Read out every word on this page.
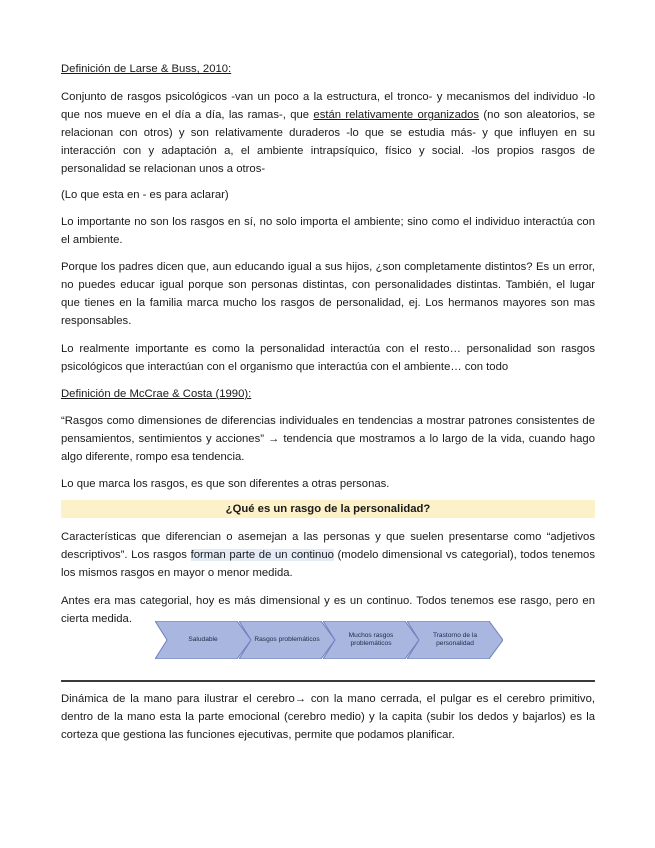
Definición de Larse & Buss, 2010:

Conjunto de rasgos psicológicos -van un poco a la estructura, el tronco- y mecanismos del individuo -lo que nos mueve en el día a día, las ramas-, que están relativamente organizados (no son aleatorios, se relacionan con otros) y son relativamente duraderos -lo que se estudia más- y que influyen en su interacción con y adaptación a, el ambiente intrapsíquico, físico y social. -los propios rasgos de personalidad se relacionan unos a otros-

(Lo que esta en - es para aclarar)

Lo importante no son los rasgos en sí, no solo importa el ambiente; sino como el individuo interactúa con el ambiente.

Porque los padres dicen que, aun educando igual a sus hijos, ¿son completamente distintos? Es un error, no puedes educar igual porque son personas distintas, con personalidades distintas. También, el lugar que tienes en la familia marca mucho los rasgos de personalidad, ej. Los hermanos mayores son mas responsables.

Lo realmente importante es como la personalidad interactúa con el resto… personalidad son rasgos psicológicos que interactúan con el organismo que interactúa con el ambiente… con todo

Definición de McCrae & Costa (1990):

“Rasgos como dimensiones de diferencias individuales en tendencias a mostrar patrones consistentes de pensamientos, sentimientos y acciones” → tendencia que mostramos a lo largo de la vida, cuando hago algo diferente, rompo esa tendencia.

Lo que marca los rasgos, es que son diferentes a otras personas.

¿Qué es un rasgo de la personalidad?

Características que diferencian o asemejan a las personas y que suelen presentarse como “adjetivos descriptivos”. Los rasgos forman parte de un continuo (modelo dimensional vs categorial), todos tenemos los mismos rasgos en mayor o menor medida.

Antes era mas categorial, hoy es más dimensional y es un continuo. Todos tenemos ese rasgo, pero en cierta medida.

Saludable	Rasgos problemáticos
Muchos rasgos problemáticos
Trastorno de la personalidad

Dinámica de la mano para ilustrar el cerebro→ con la mano cerrada, el pulgar es el cerebro primitivo, dentro de la mano esta la parte emocional (cerebro medio) y la capita (subir los dedos y bajarlos) es la corteza que gestiona las funciones ejecutivas, permite que podamos planificar.
